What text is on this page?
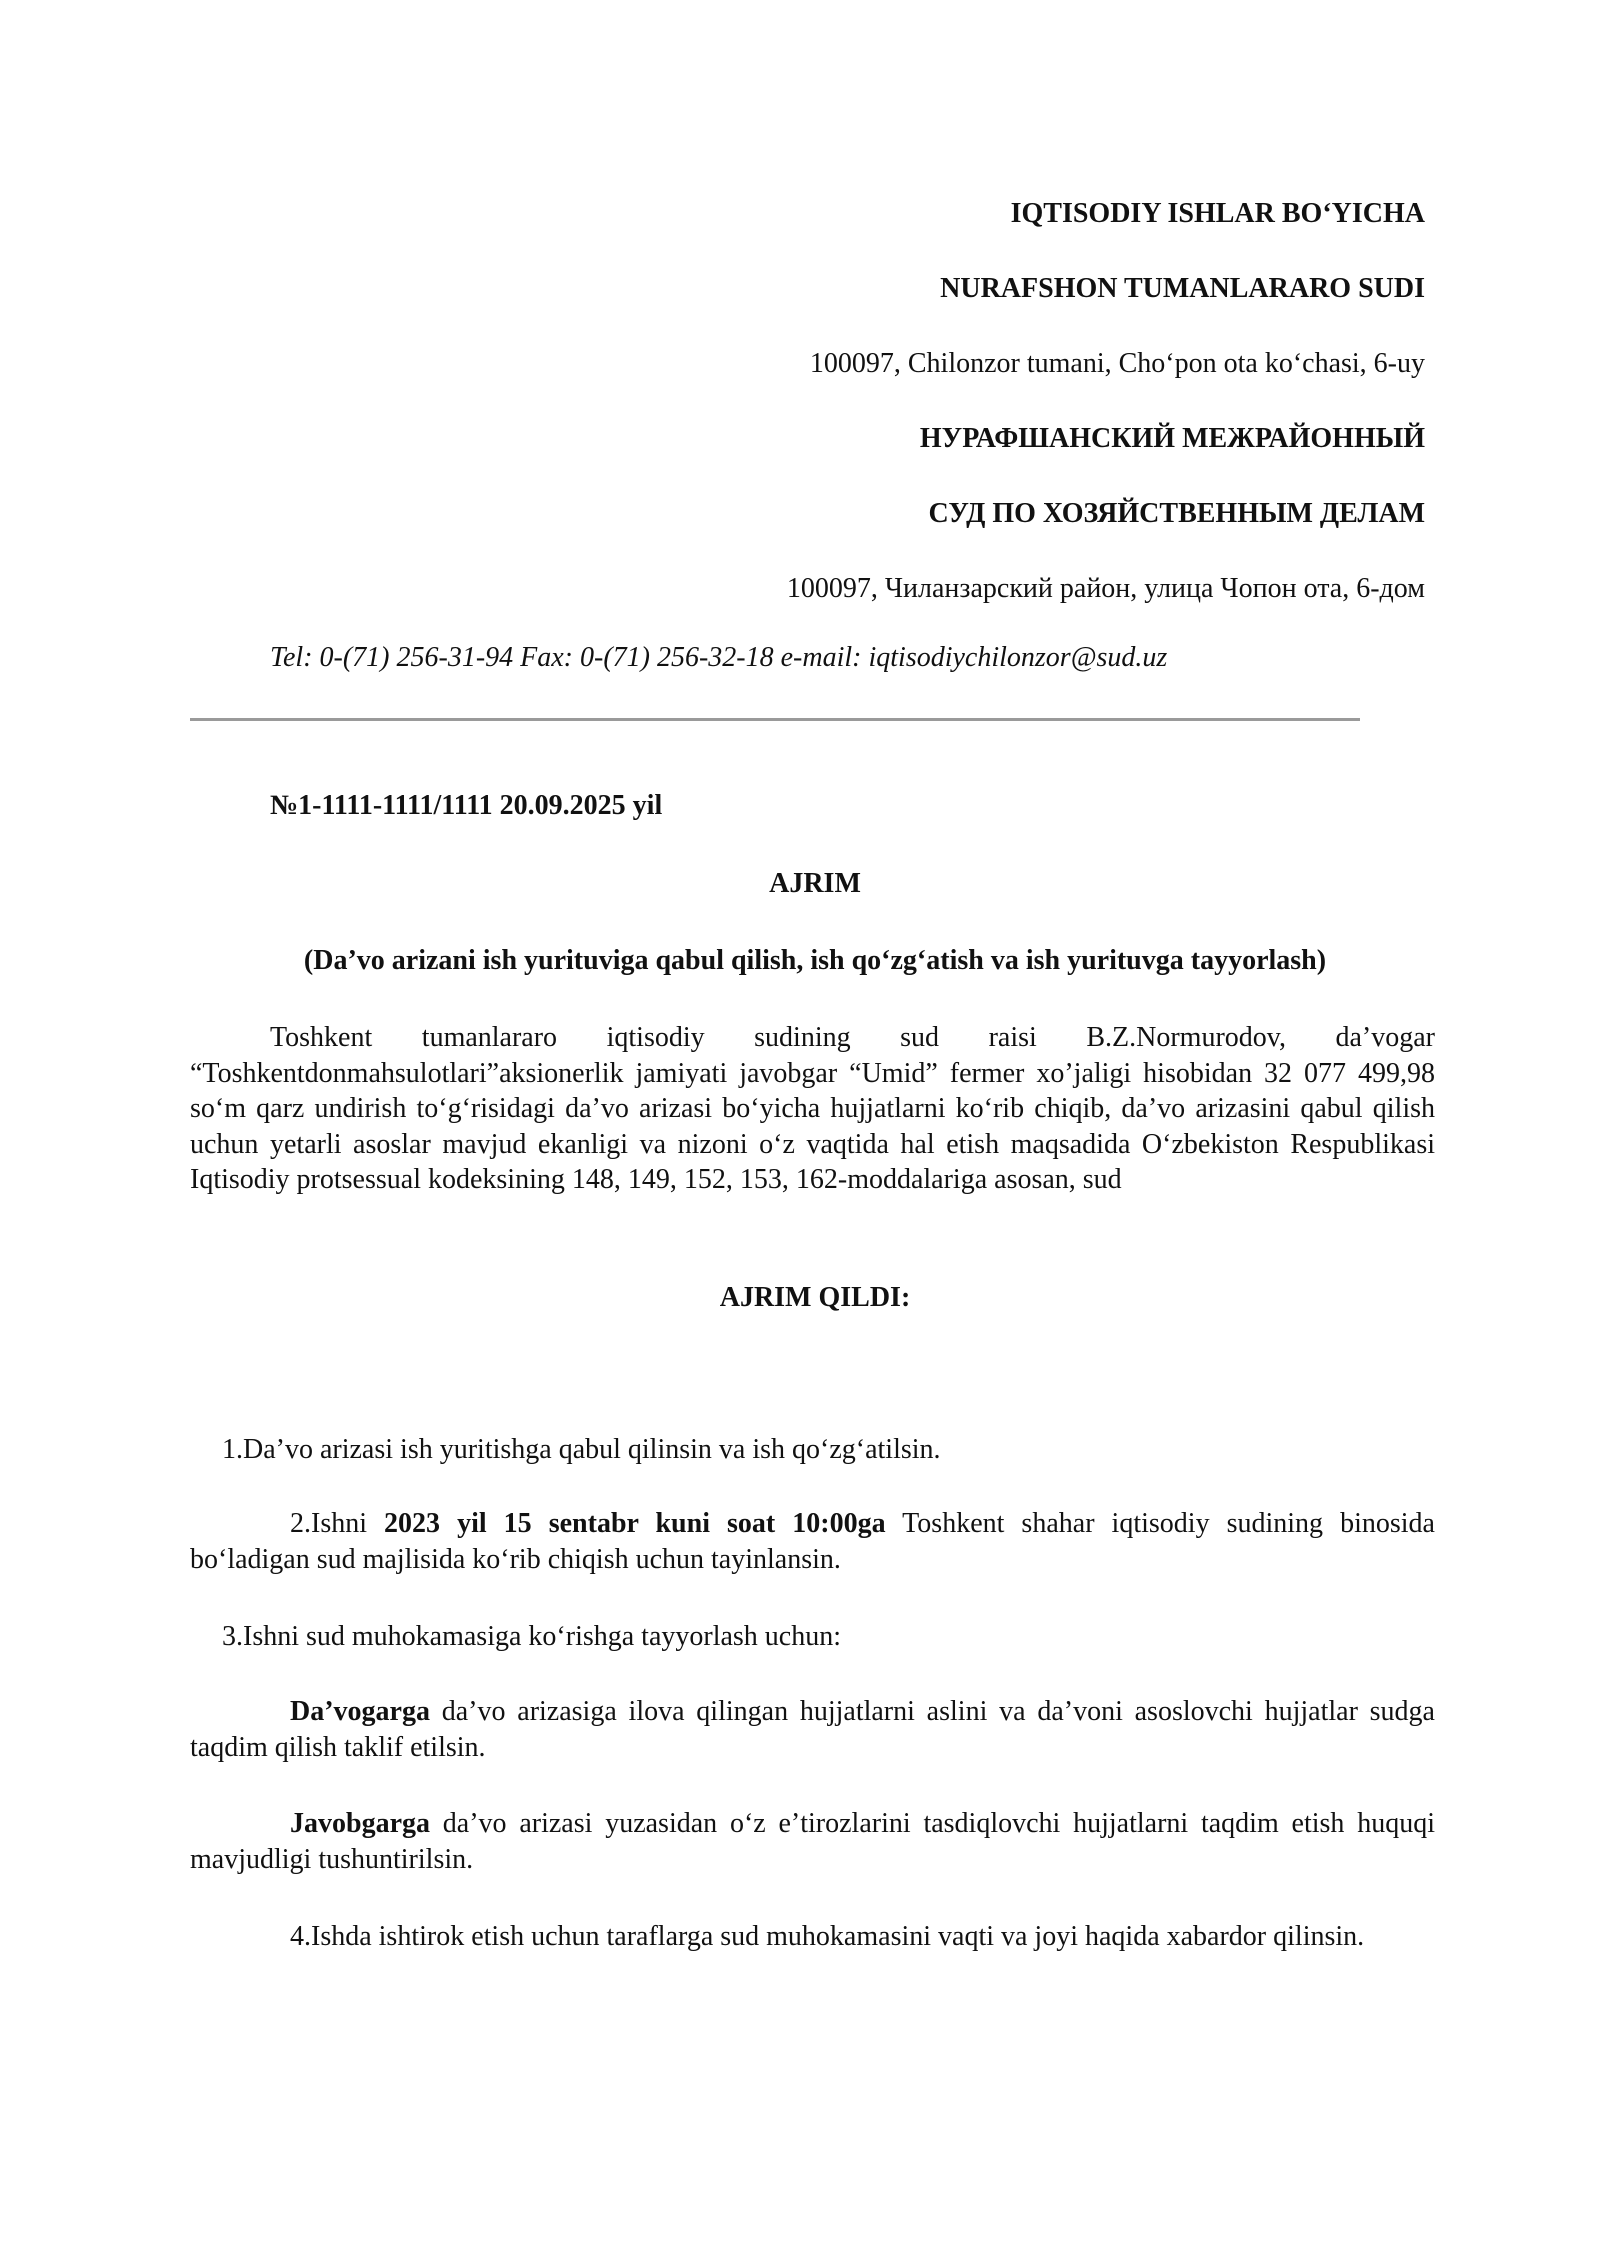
IQTISODIY ISHLAR BOʻYICHA
NURAFSHON TUMANLARARO SUDI
100097, Chilonzor tumani, Choʻpon ota koʻchasi, 6-uy
НУРАФШАНСКИЙ МЕЖРАЙОННЫЙ
СУД ПО ХОЗЯЙСТВЕННЫМ ДЕЛАМ
100097, Чиланзарский район, улица Чопон ота, 6-дом
Tel: 0-(71) 256-31-94 Fax: 0-(71) 256-32-18 e-mail: iqtisodiychilonzor@sud.uz
№1-1111-1111/1111 20.09.2025 yil
AJRIM
(Daʼvo arizani ish yurituviga qabul qilish, ish qoʻzgʻatish va ish yurituvga tayyorlash)

Toshkent tumanlararo iqtisodiy sudining sud raisi B.Z.Normurodov, daʼvogar “Toshkentdonmahsulotlari”aksionerlik jamiyati javobgar “Umid” fermer xoʼjaligi hisobidan 32 077 499,98 soʻm qarz undirish toʻgʻrisidagi daʼvo arizasi boʻyicha hujjatlarni koʻrib chiqib, daʼvo arizasini qabul qilish uchun yetarli asoslar mavjud ekanligi va nizoni oʻz vaqtida hal etish maqsadida Oʻzbekiston Respublikasi Iqtisodiy protsessual kodeksining 148, 149, 152, 153, 162-moddalariga asosan, sud

AJRIM QILDI:
1.Daʼvo arizasi ish yuritishga qabul qilinsin va ish qoʻzgʻatilsin.

2.Ishni 2023 yil 15 sentabr kuni soat 10:00ga Toshkent shahar iqtisodiy sudining binosida boʻladigan sud majlisida koʻrib chiqish uchun tayinlansin.

3.Ishni sud muhokamasiga koʻrishga tayyorlash uchun:

Daʼvogarga daʼvo arizasiga ilova qilingan hujjatlarni aslini va daʼvoni asoslovchi hujjatlar sudga taqdim qilish taklif etilsin.

Javobgarga daʼvo arizasi yuzasidan oʻz eʼtirozlarini tasdiqlovchi hujjatlarni taqdim etish huquqi mavjudligi tushuntirilsin.

4.Ishda ishtirok etish uchun taraflarga sud muhokamasini vaqti va joyi haqida xabardor qilinsin.
